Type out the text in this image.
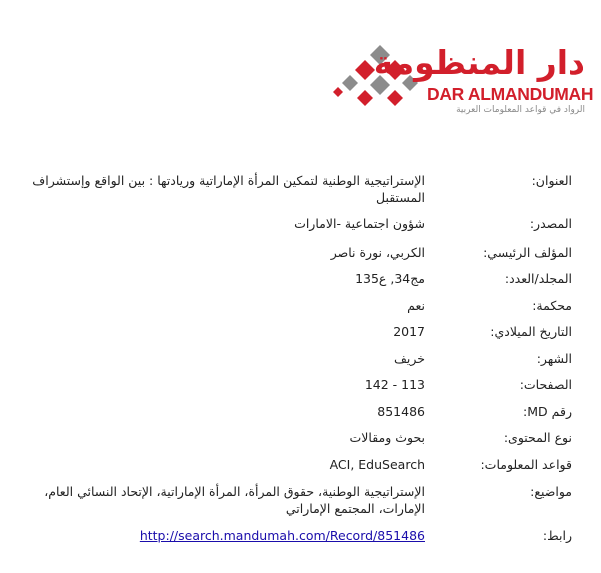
دار المنظومة
DAR ALMANDUMAH
الرواد في قواعد المعلومات العربية
العنوان:
الإستراتيجية الوطنية لتمكين المرأة الإماراتية وريادتها : بين الواقع وإستشراف المستقبل
المصدر:
شؤون اجتماعية -الامارات
المؤلف الرئيسي:
الكربي، نورة ناصر
المجلد/العدد:
مج34, ع135
محكمة:
نعم
التاريخ الميلادي:
2017
الشهر:
خريف
الصفحات:
113 - 142
رقم MD:
851486
نوع المحتوى:
بحوث ومقالات
قواعد المعلومات:
ACI, EduSearch
مواضيع:
الإستراتيجية الوطنية، حقوق المرأة، المرأة الإماراتية، الإتحاد النسائي العام، الإمارات، المجتمع الإماراتي
رابط:
http://search.mandumah.com/Record/851486
